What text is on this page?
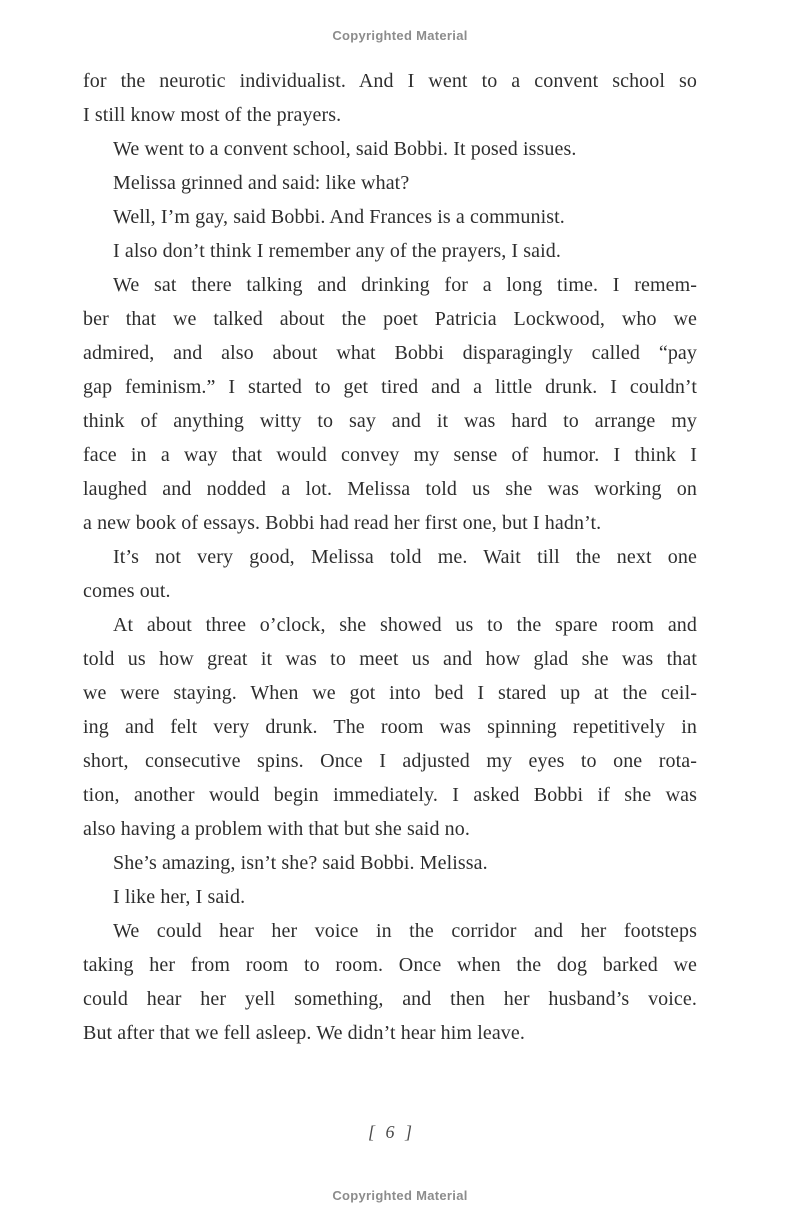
Copyrighted Material
for the neurotic individualist. And I went to a convent school so
I still know most of the prayers.
We went to a convent school, said Bobbi. It posed issues.
Melissa grinned and said: like what?
Well, I’m gay, said Bobbi. And Frances is a communist.
I also don’t think I remember any of the prayers, I said.
We sat there talking and drinking for a long time. I remem-
ber that we talked about the poet Patricia Lockwood, who we
admired, and also about what Bobbi disparagingly called “pay
gap feminism.” I started to get tired and a little drunk. I couldn’t
think of anything witty to say and it was hard to arrange my
face in a way that would convey my sense of humor. I think I
laughed and nodded a lot. Melissa told us she was working on
a new book of essays. Bobbi had read her first one, but I hadn’t.
It’s not very good, Melissa told me. Wait till the next one
comes out.
At about three o’clock, she showed us to the spare room and
told us how great it was to meet us and how glad she was that
we were staying. When we got into bed I stared up at the ceil-
ing and felt very drunk. The room was spinning repetitively in
short, consecutive spins. Once I adjusted my eyes to one rota-
tion, another would begin immediately. I asked Bobbi if she was
also having a problem with that but she said no.
She’s amazing, isn’t she? said Bobbi. Melissa.
I like her, I said.
We could hear her voice in the corridor and her footsteps
taking her from room to room. Once when the dog barked we
could hear her yell something, and then her husband’s voice.
But after that we fell asleep. We didn’t hear him leave.
[ 6 ]
Copyrighted Material
